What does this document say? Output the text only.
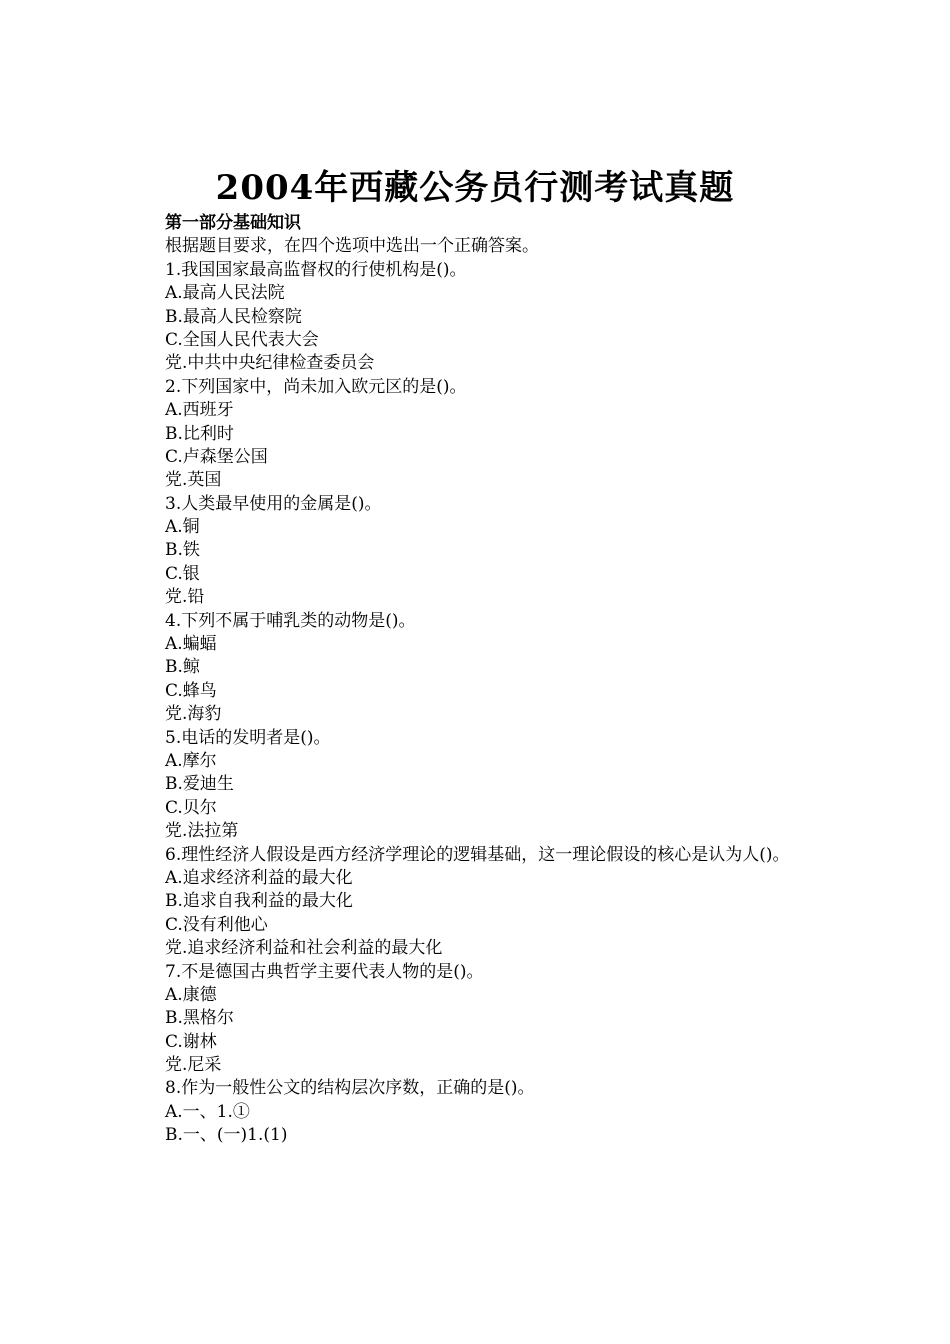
2004年西藏公务员行测考试真题
第一部分基础知识
根据题目要求，在四个选项中选出一个正确答案。
1.我国国家最高监督权的行使机构是()。
A.最高人民法院
B.最高人民检察院
C.全国人民代表大会
党.中共中央纪律检查委员会
2.下列国家中，尚未加入欧元区的是()。
A.西班牙
B.比利时
C.卢森堡公国
党.英国
3.人类最早使用的金属是()。
A.铜
B.铁
C.银
党.铅
4.下列不属于哺乳类的动物是()。
A.蝙蝠
B.鲸
C.蜂鸟
党.海豹
5.电话的发明者是()。
A.摩尔
B.爱迪生
C.贝尔
党.法拉第
6.理性经济人假设是西方经济学理论的逻辑基础，这一理论假设的核心是认为人()。
A.追求经济利益的最大化
B.追求自我利益的最大化
C.没有利他心
党.追求经济利益和社会利益的最大化
7.不是德国古典哲学主要代表人物的是()。
A.康德
B.黑格尔
C.谢林
党.尼采
8.作为一般性公文的结构层次序数，正确的是()。
A.一、1.①
B.一、(一)1.(1)
